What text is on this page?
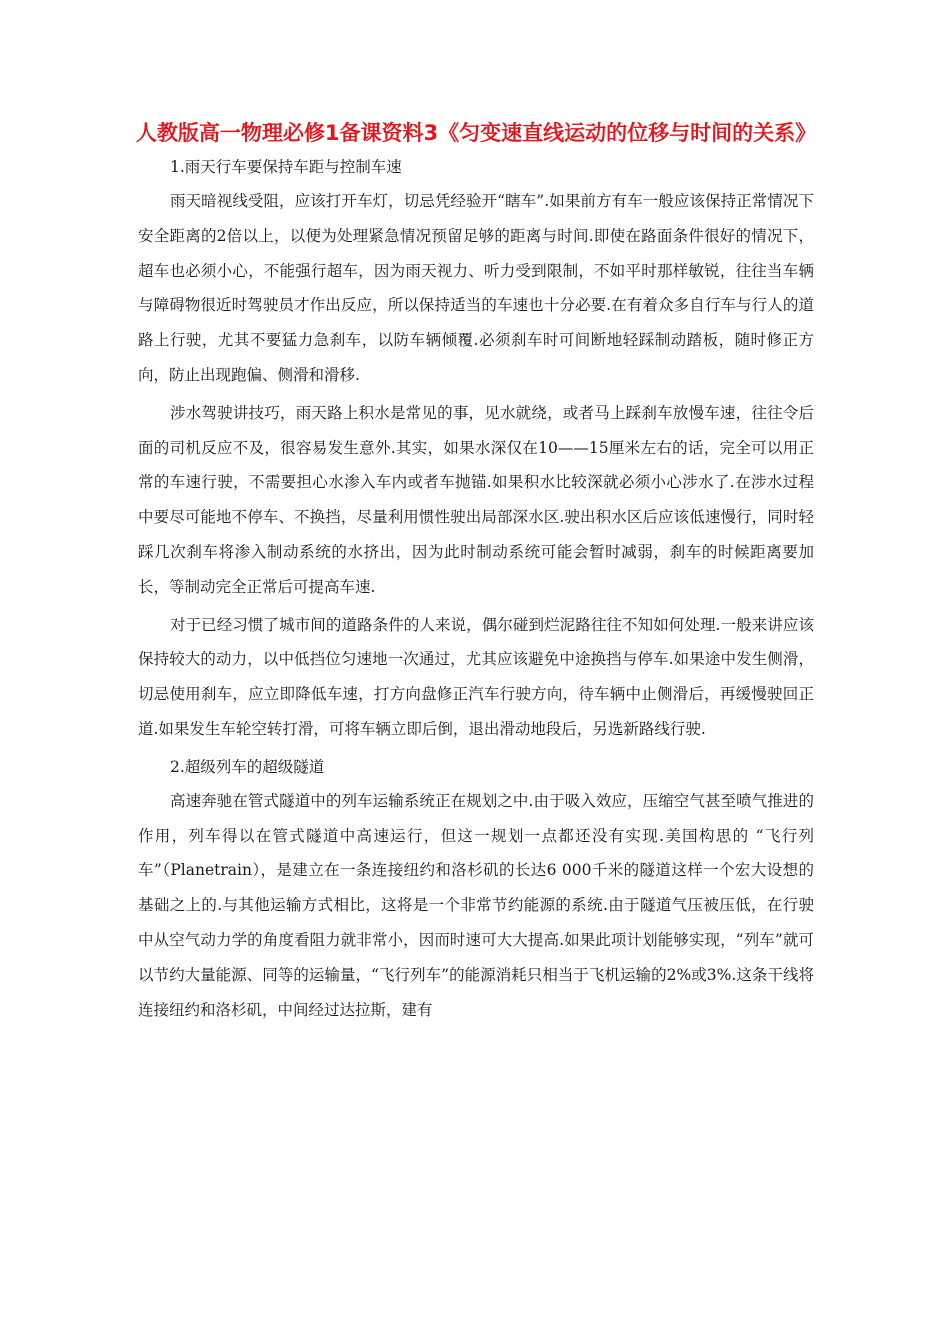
人教版高一物理必修1备课资料3《匀变速直线运动的位移与时间的关系》

1.雨天行车要保持车距与控制车速

雨天暗视线受阻，应该打开车灯，切忌凭经验开“瞎车”.如果前方有车一般应该保持正常情况下安全距离的2倍以上，以便为处理紧急情况预留足够的距离与时间.即使在路面条件很好的情况下，超车也必须小心，不能强行超车，因为雨天视力、听力受到限制，不如平时那样敏锐，往往当车辆与障碍物很近时驾驶员才作出反应，所以保持适当的车速也十分必要.在有着众多自行车与行人的道路上行驶，尤其不要猛力急刹车，以防车辆倾覆.必须刹车时可间断地轻踩制动踏板，随时修正方向，防止出现跑偏、侧滑和滑移.

涉水驾驶讲技巧，雨天路上积水是常见的事，见水就绕，或者马上踩刹车放慢车速，往往令后面的司机反应不及，很容易发生意外.其实，如果水深仅在10——15厘米左右的话，完全可以用正常的车速行驶，不需要担心水渗入车内或者车抛锚.如果积水比较深就必须小心涉水了.在涉水过程中要尽可能地不停车、不换挡，尽量利用惯性驶出局部深水区.驶出积水区后应该低速慢行，同时轻踩几次刹车将渗入制动系统的水挤出，因为此时制动系统可能会暂时减弱，刹车的时候距离要加长，等制动完全正常后可提高车速.

对于已经习惯了城市间的道路条件的人来说，偶尔碰到烂泥路往往不知如何处理.一般来讲应该保持较大的动力，以中低挡位匀速地一次通过，尤其应该避免中途换挡与停车.如果途中发生侧滑，切忌使用刹车，应立即降低车速，打方向盘修正汽车行驶方向，待车辆中止侧滑后，再缓慢驶回正道.如果发生车轮空转打滑，可将车辆立即后倒，退出滑动地段后，另选新路线行驶.

2.超级列车的超级隧道

高速奔驰在管式隧道中的列车运输系统正在规划之中.由于吸入效应，压缩空气甚至喷气推进的作用，列车得以在管式隧道中高速运行，但这一规划一点都还没有实现.美国构思的 “飞行列车”（Planetrain），是建立在一条连接纽约和洛杉矶的长达6 000千米的隧道这样一个宏大设想的基础之上的.与其他运输方式相比，这将是一个非常节约能源的系统.由于隧道气压被压低，在行驶中从空气动力学的角度看阻力就非常小，因而时速可大大提高.如果此项计划能够实现，“列车”就可以节约大量能源、同等的运输量，“飞行列车”的能源消耗只相当于飞机运输的2%或3%.这条干线将连接纽约和洛杉矶，中间经过达拉斯，建有
